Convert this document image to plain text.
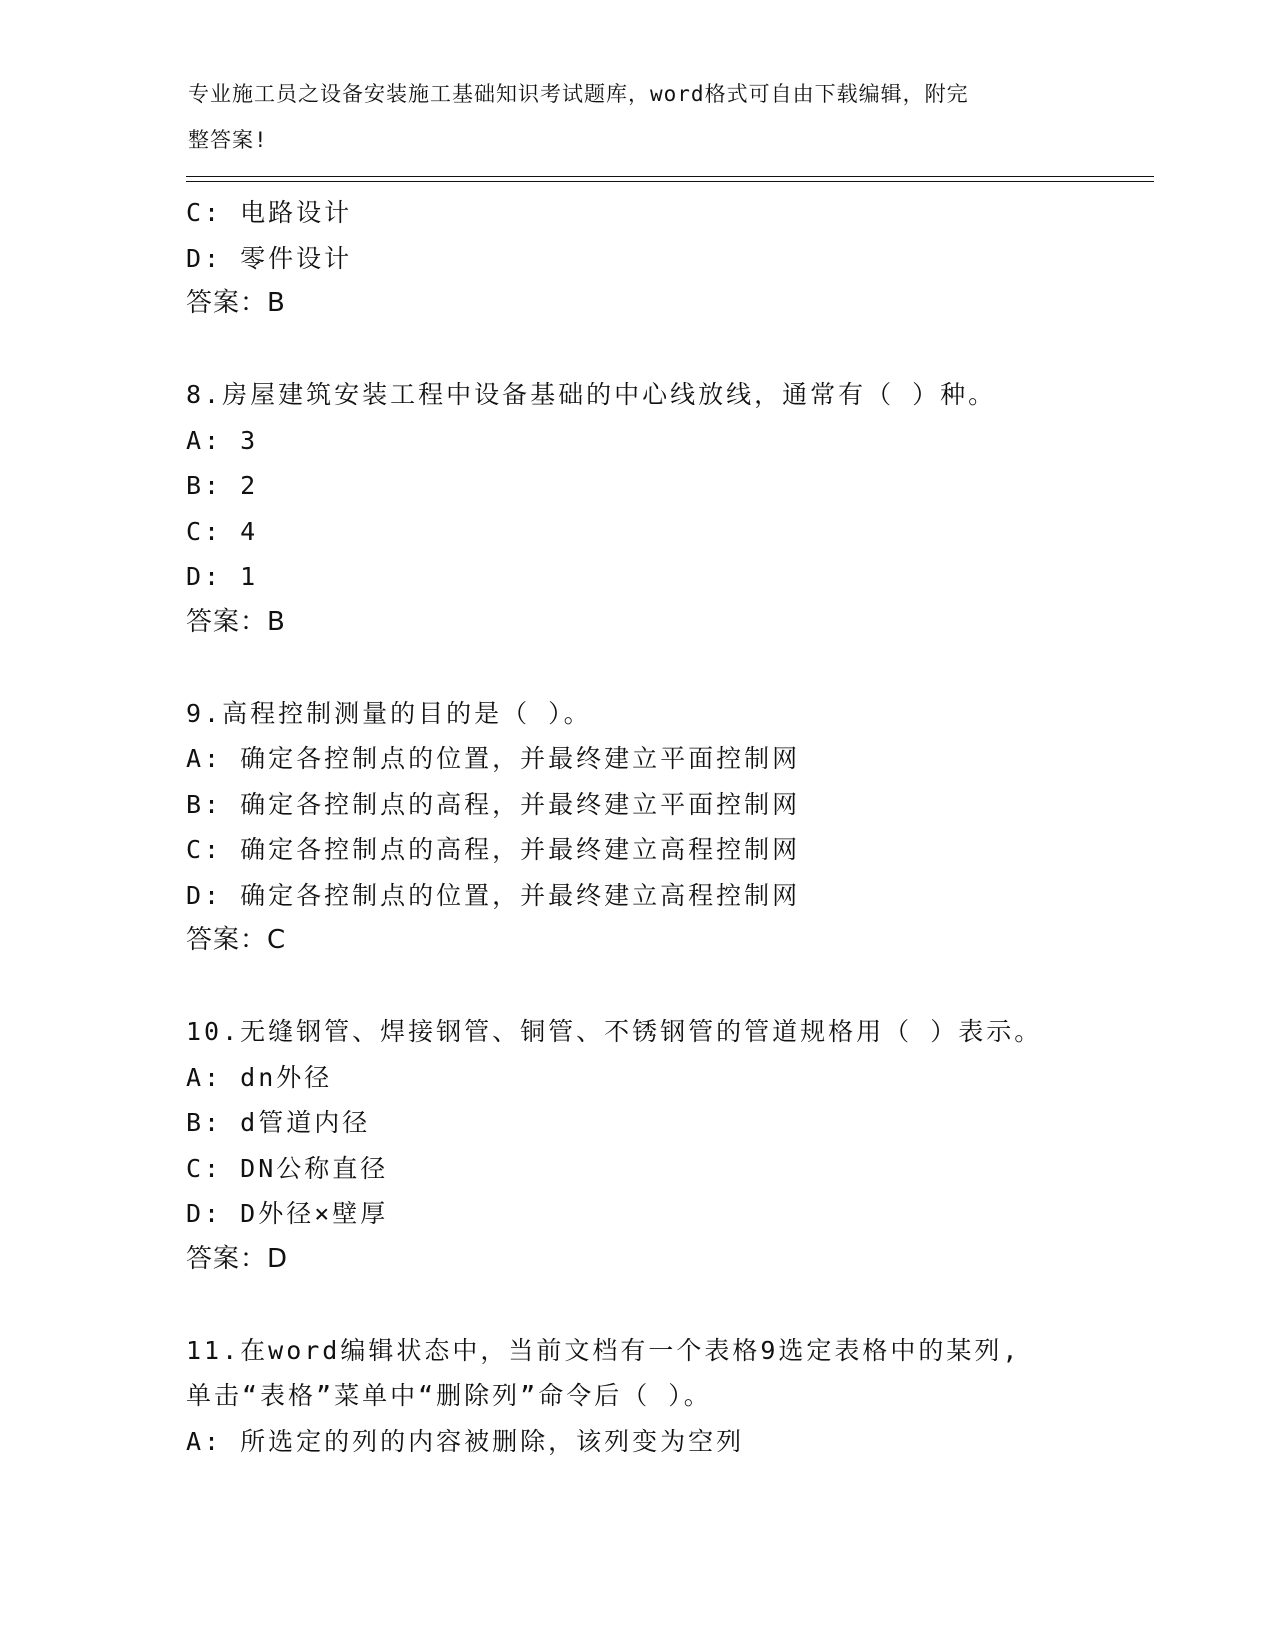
专业施工员之设备安装施工基础知识考试题库，word格式可自由下载编辑，附完
整答案!
C: 电路设计
D: 零件设计
答案：B
8.房屋建筑安装工程中设备基础的中心线放线，通常有（ ）种。
A: 3
B: 2
C: 4
D: 1
答案：B
9.高程控制测量的目的是（ ）。
A: 确定各控制点的位置，并最终建立平面控制网
B: 确定各控制点的高程，并最终建立平面控制网
C: 确定各控制点的高程，并最终建立高程控制网
D: 确定各控制点的位置，并最终建立高程控制网
答案：C
10.无缝钢管、焊接钢管、铜管、不锈钢管的管道规格用（ ）表示。
A: dn外径
B: d管道内径
C: DN公称直径
D: D外径×壁厚
答案：D
11.在word编辑状态中，当前文档有一个表格9选定表格中的某列,
单击“表格”菜单中“删除列”命令后（ ）。
A: 所选定的列的内容被删除，该列变为空列
